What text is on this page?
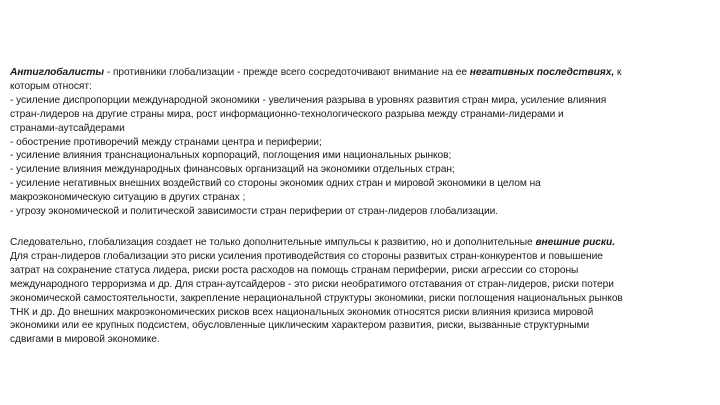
Антиглобалисты - противники глобализации - прежде всего сосредоточивают внимание на ее негативных последствиях, к
которым относят:
- усиление диспропорции международной экономики - увеличения разрыва в уровнях развития стран мира, усиление влияния
стран-лидеров на другие страны мира, рост информационно-технологического разрыва между странами-лидерами и
странами-аутсайдерами
- обострение противоречий между странами центра и периферии;
- усиление влияния транснациональных корпораций, поглощения ими национальных рынков;
- усиление влияния международных финансовых организаций на экономики отдельных стран;
- усиление негативных внешних воздействий со стороны экономик одних стран и мировой экономики в целом на
макроэкономическую ситуацию в других странах ;
- угрозу экономической и политической зависимости стран периферии от стран-лидеров глобализации.
Следовательно, глобализация создает не только дополнительные импульсы к развитию, но и дополнительные внешние риски.
Для стран-лидеров глобализации это риски усиления противодействия со стороны развитых стран-конкурентов и повышение
затрат на сохранение статуса лидера, риски роста расходов на помощь странам периферии, риски агрессии со стороны
международного терроризма и др. Для стран-аутсайдеров - это риски необратимого отставания от стран-лидеров, риски потери
экономической самостоятельности, закрепление нерациональной структуры экономики, риски поглощения национальных рынков
ТНК и др. До внешних макроэкономических рисков всех национальных экономик относятся риски влияния кризиса мировой
экономики или ее крупных подсистем, обусловленные циклическим характером развития, риски, вызванные структурными
сдвигами в мировой экономике.
